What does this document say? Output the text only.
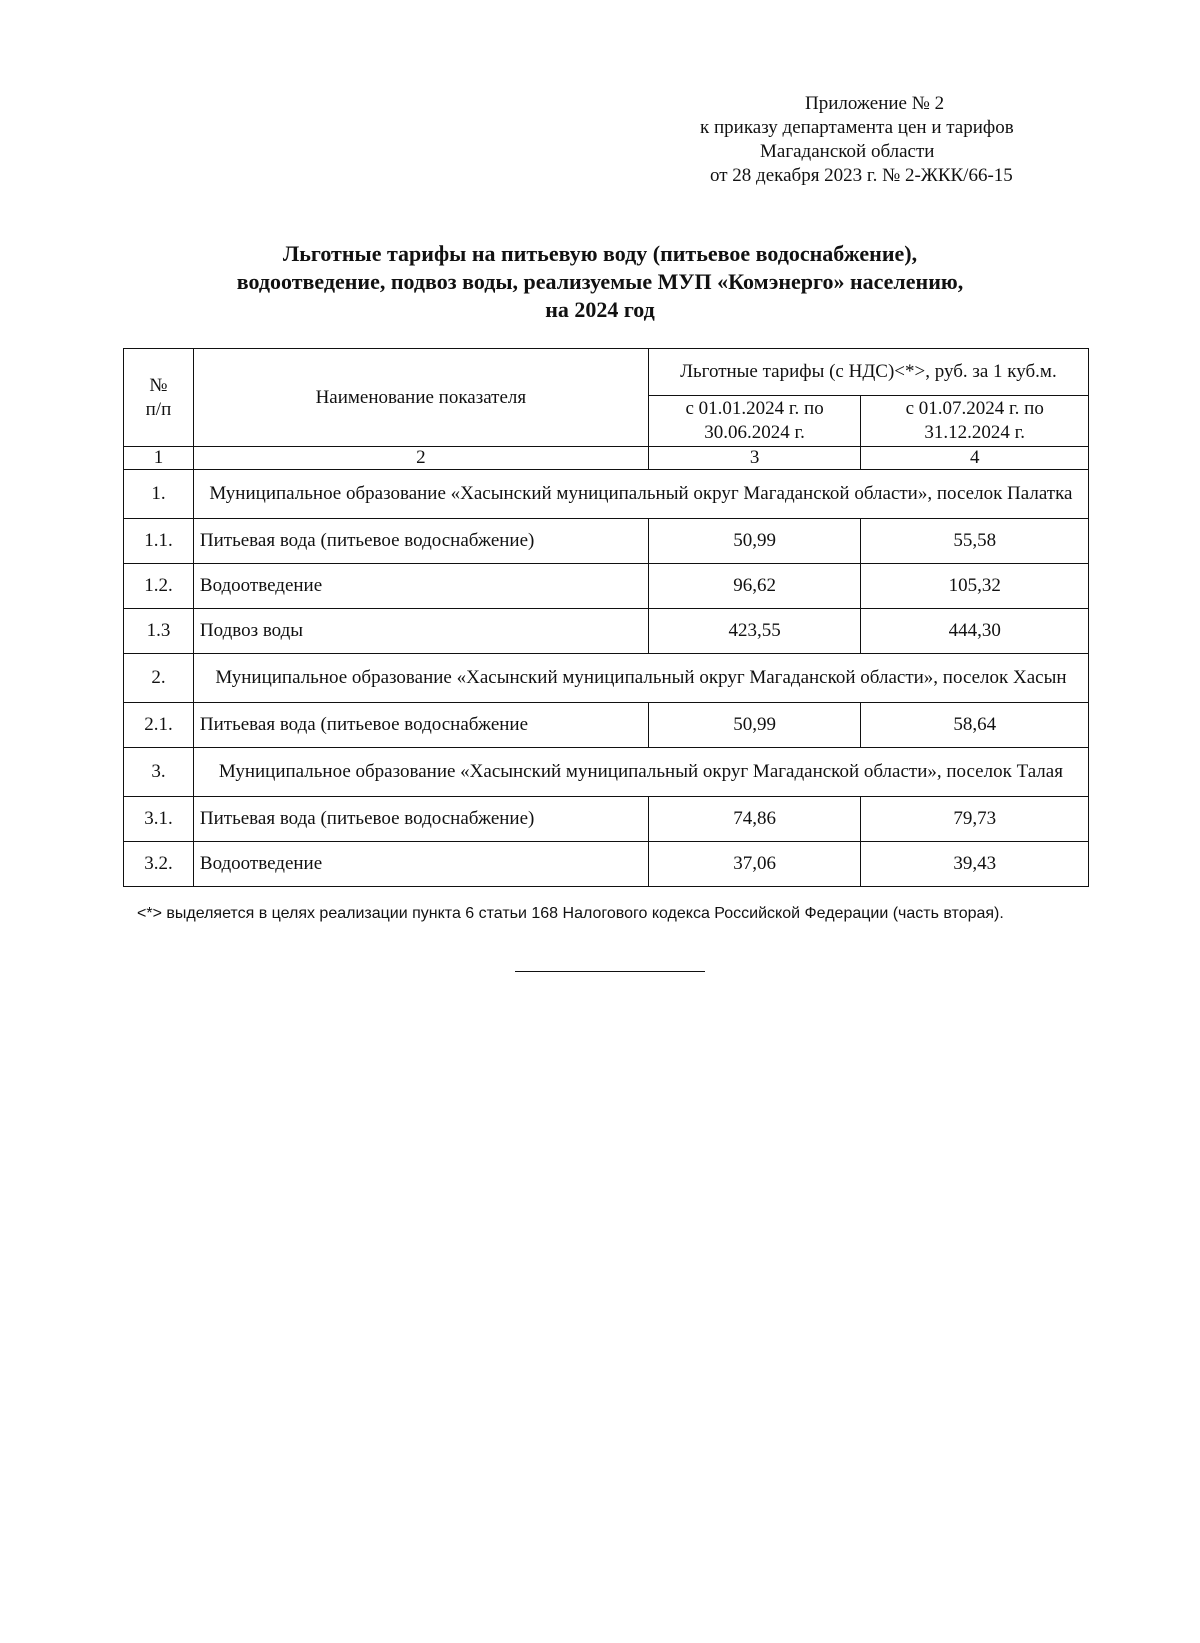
Приложение № 2
к приказу департамента цен и тарифов
Магаданской области
от 28 декабря 2023 г. № 2-ЖКК/66-15
Льготные тарифы на питьевую воду (питьевое водоснабжение),
водоотведение, подвоз воды, реализуемые МУП «Комэнерго» населению,
на 2024 год
№
п/п	Наименование показателя	Льготные тарифы (с НДС)<*>, руб. за 1 куб.м.	
		с 01.01.2024 г. по 30.06.2024 г.	с 01.07.2024 г. по 31.12.2024 г.
1	2	3	4
1.	Муниципальное образование «Хасынский муниципальный округ Магаданской области», поселок Палатка		
1.1.	Питьевая вода (питьевое водоснабжение)	50,99	55,58
1.2.	Водоотведение	96,62	105,32
1.3	Подвоз воды	423,55	444,30
2.	Муниципальное образование «Хасынский муниципальный округ Магаданской области», поселок Хасын		
2.1.	Питьевая вода (питьевое водоснабжение	50,99	58,64
3.	Муниципальное образование «Хасынский муниципальный округ Магаданской области», поселок Талая		
3.1.	Питьевая вода (питьевое водоснабжение)	74,86	79,73
3.2.	Водоотведение	37,06	39,43
<*> выделяется в целях реализации пункта 6 статьи 168 Налогового кодекса Российской Федерации (часть вторая).
